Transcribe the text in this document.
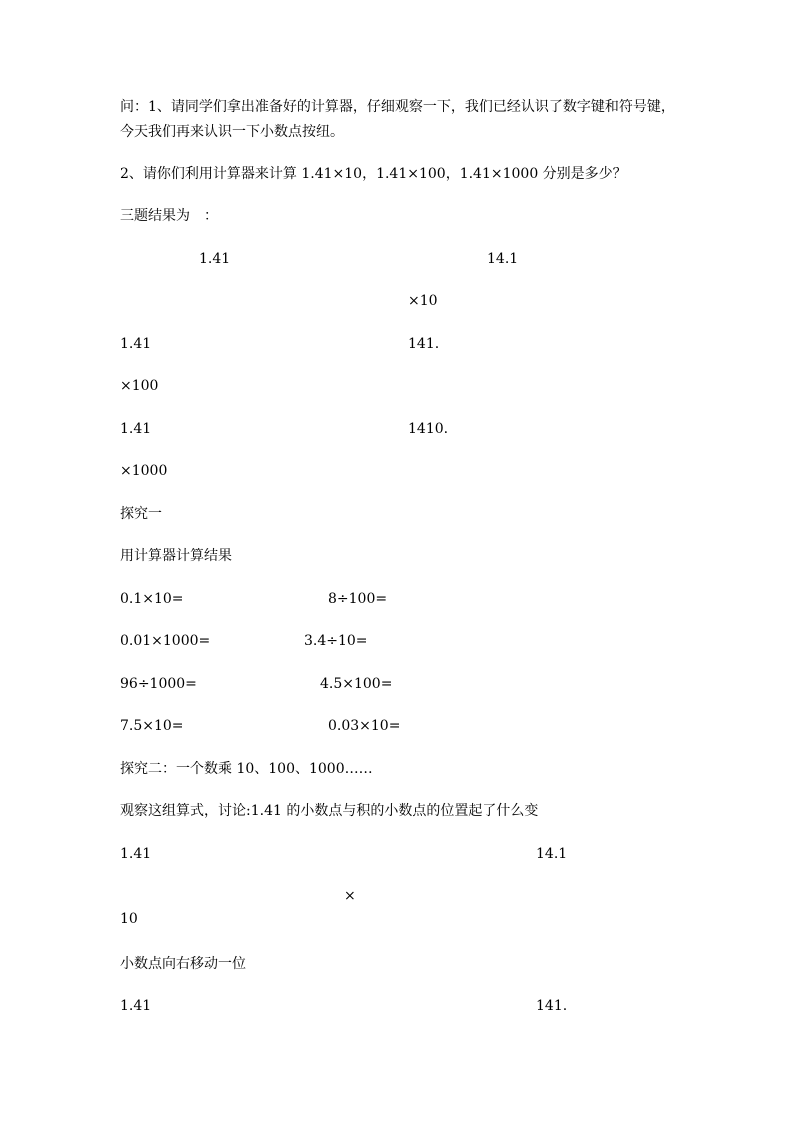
问：1、请同学们拿出准备好的计算器，仔细观察一下，我们已经认识了数字键和符号键，今天我们再来认识一下小数点按纽。
2、请你们利用计算器来计算 1.41×10，1.41×100，1.41×1000 分别是多少？
三题结果为　：
1.41	14.1
×10
1.41	141.
×100
1.41	1410.
×1000
探究一
用计算器计算结果
0.1×10=	8÷100=
0.01×1000=	3.4÷10=
96÷1000=	4.5×100=
7.5×10=	0.03×10=
探究二：一个数乘 10、100、1000……
观察这组算式，讨论:1.41 的小数点与积的小数点的位置起了什么变
1.41	14.1
×
10
小数点向右移动一位
1.41	141.
